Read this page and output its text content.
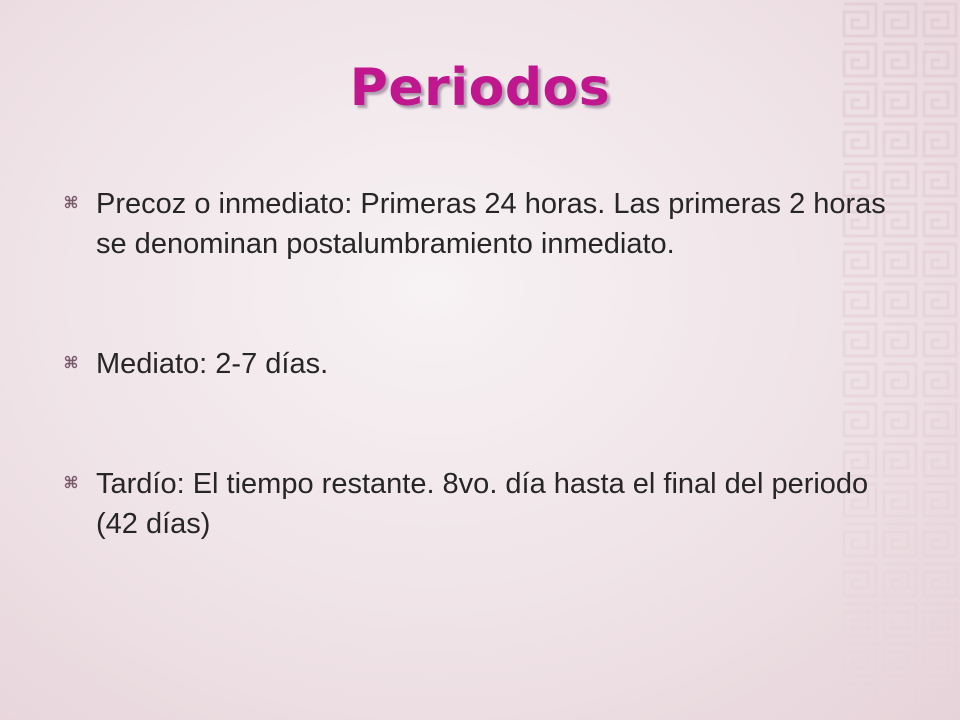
Periodos
Precoz o inmediato: Primeras 24 horas. Las primeras 2 horas se denominan postalumbramiento inmediato.
Mediato: 2-7 días.
Tardío: El tiempo restante. 8vo. día hasta el final del periodo (42 días)
